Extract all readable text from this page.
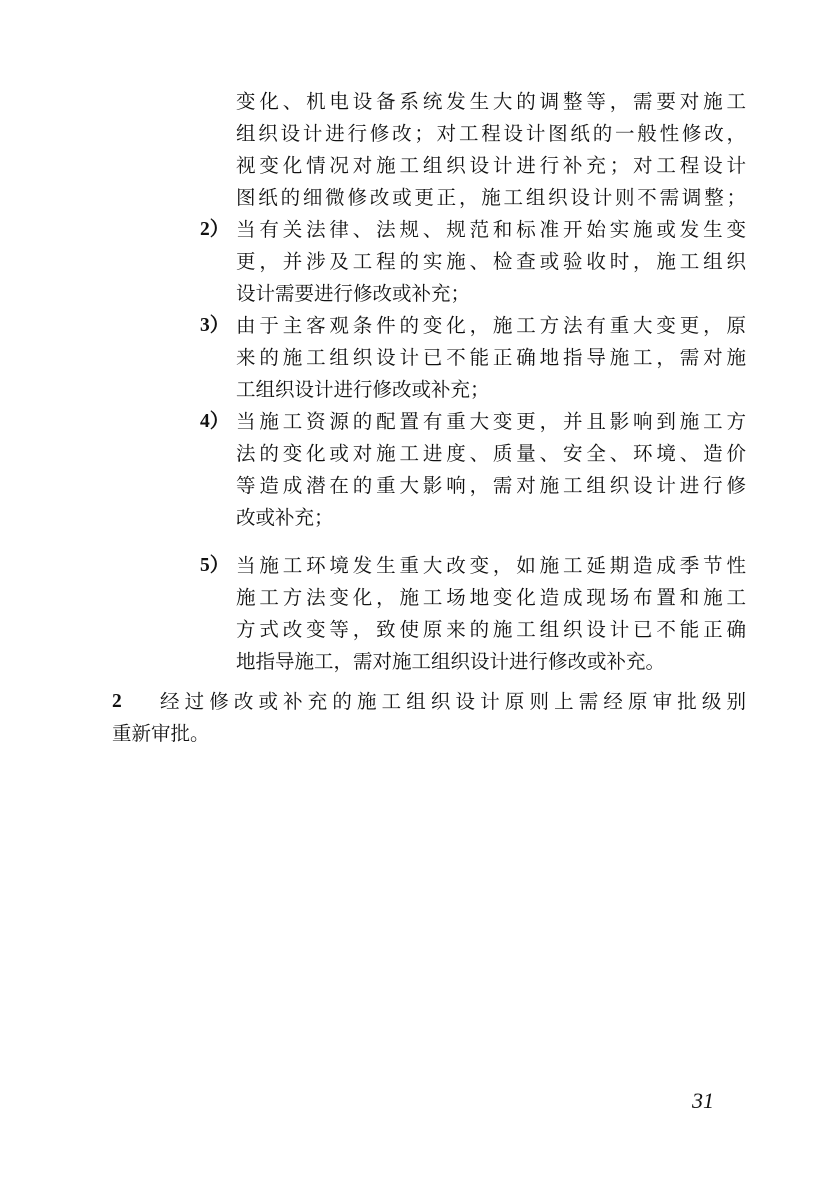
变化、机电设备系统发生大的调整等，需要对施工
组织设计进行修改；对工程设计图纸的一般性修改，
视变化情况对施工组织设计进行补充；对工程设计
图纸的细微修改或更正，施工组织设计则不需调整；
2） 当有关法律、法规、规范和标准开始实施或发生变
更，并涉及工程的实施、检查或验收时，施工组织
设计需要进行修改或补充；
3） 由于主客观条件的变化，施工方法有重大变更，原
来的施工组织设计已不能正确地指导施工，需对施
工组织设计进行修改或补充；
4） 当施工资源的配置有重大变更，并且影响到施工方
法的变化或对施工进度、质量、安全、环境、造价
等造成潜在的重大影响，需对施工组织设计进行修
改或补充；
5） 当施工环境发生重大改变，如施工延期造成季节性
施工方法变化，施工场地变化造成现场布置和施工
方式改变等，致使原来的施工组织设计已不能正确
地指导施工，需对施工组织设计进行修改或补充。
2 经过修改或补充的施工组织设计原则上需经原审批级别
重新审批。
31
